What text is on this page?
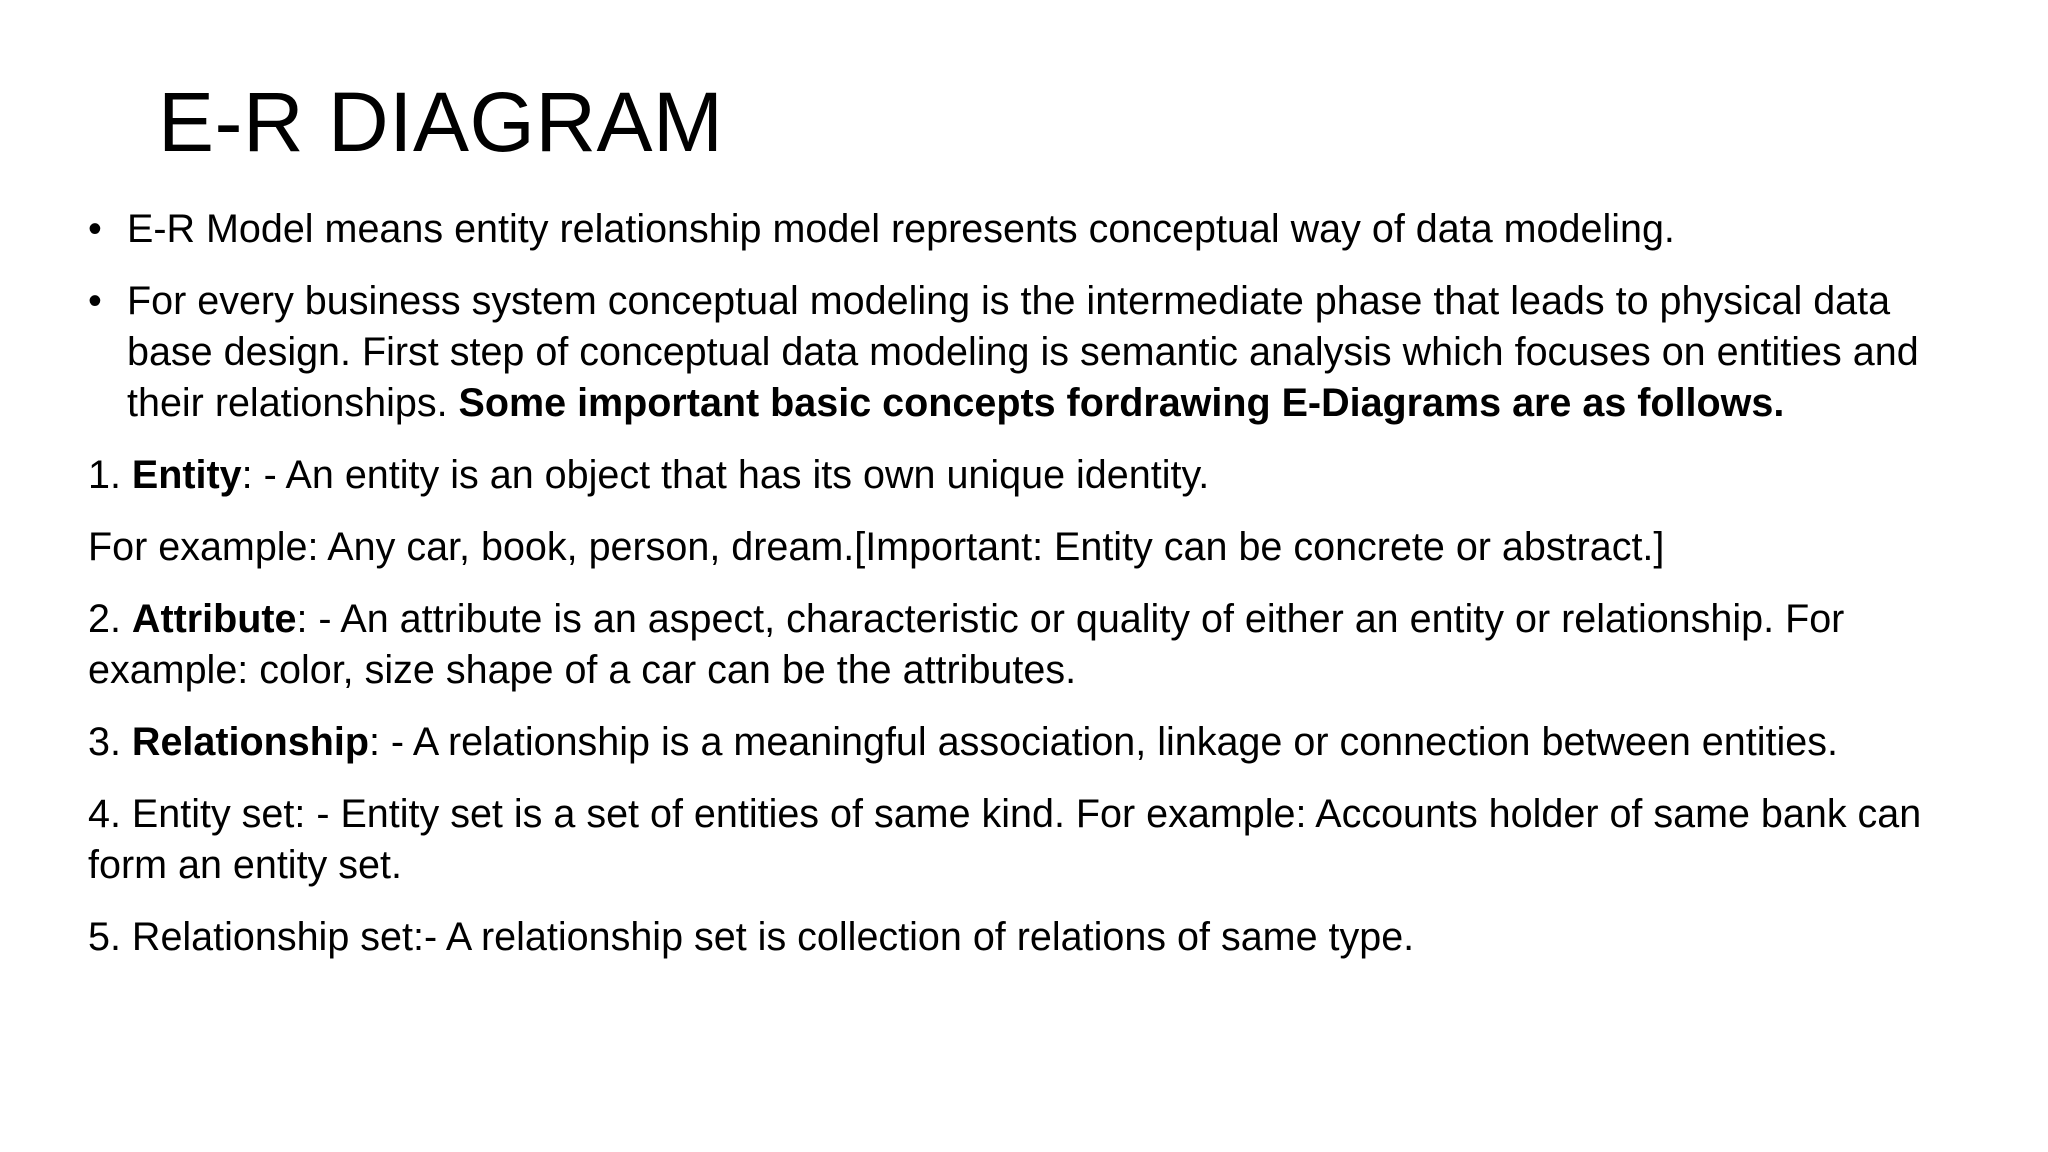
E-R DIAGRAM
• E-R Model means entity relationship model represents conceptual way of data modeling.
• For every business system conceptual modeling is the intermediate phase that leads to physical data base design. First step of conceptual data modeling is semantic analysis which focuses on entities and their relationships. Some important basic concepts fordrawing E-Diagrams are as follows.
1. Entity: - An entity is an object that has its own unique identity.
For example: Any car, book, person, dream.[Important: Entity can be concrete or abstract.]
2. Attribute: - An attribute is an aspect, characteristic or quality of either an entity or relationship. For example: color, size shape of a car can be the attributes.
3. Relationship: - A relationship is a meaningful association, linkage or connection between entities.
4. Entity set: - Entity set is a set of entities of same kind. For example: Accounts holder of same bank can form an entity set.
5. Relationship set:- A relationship set is collection of relations of same type.
